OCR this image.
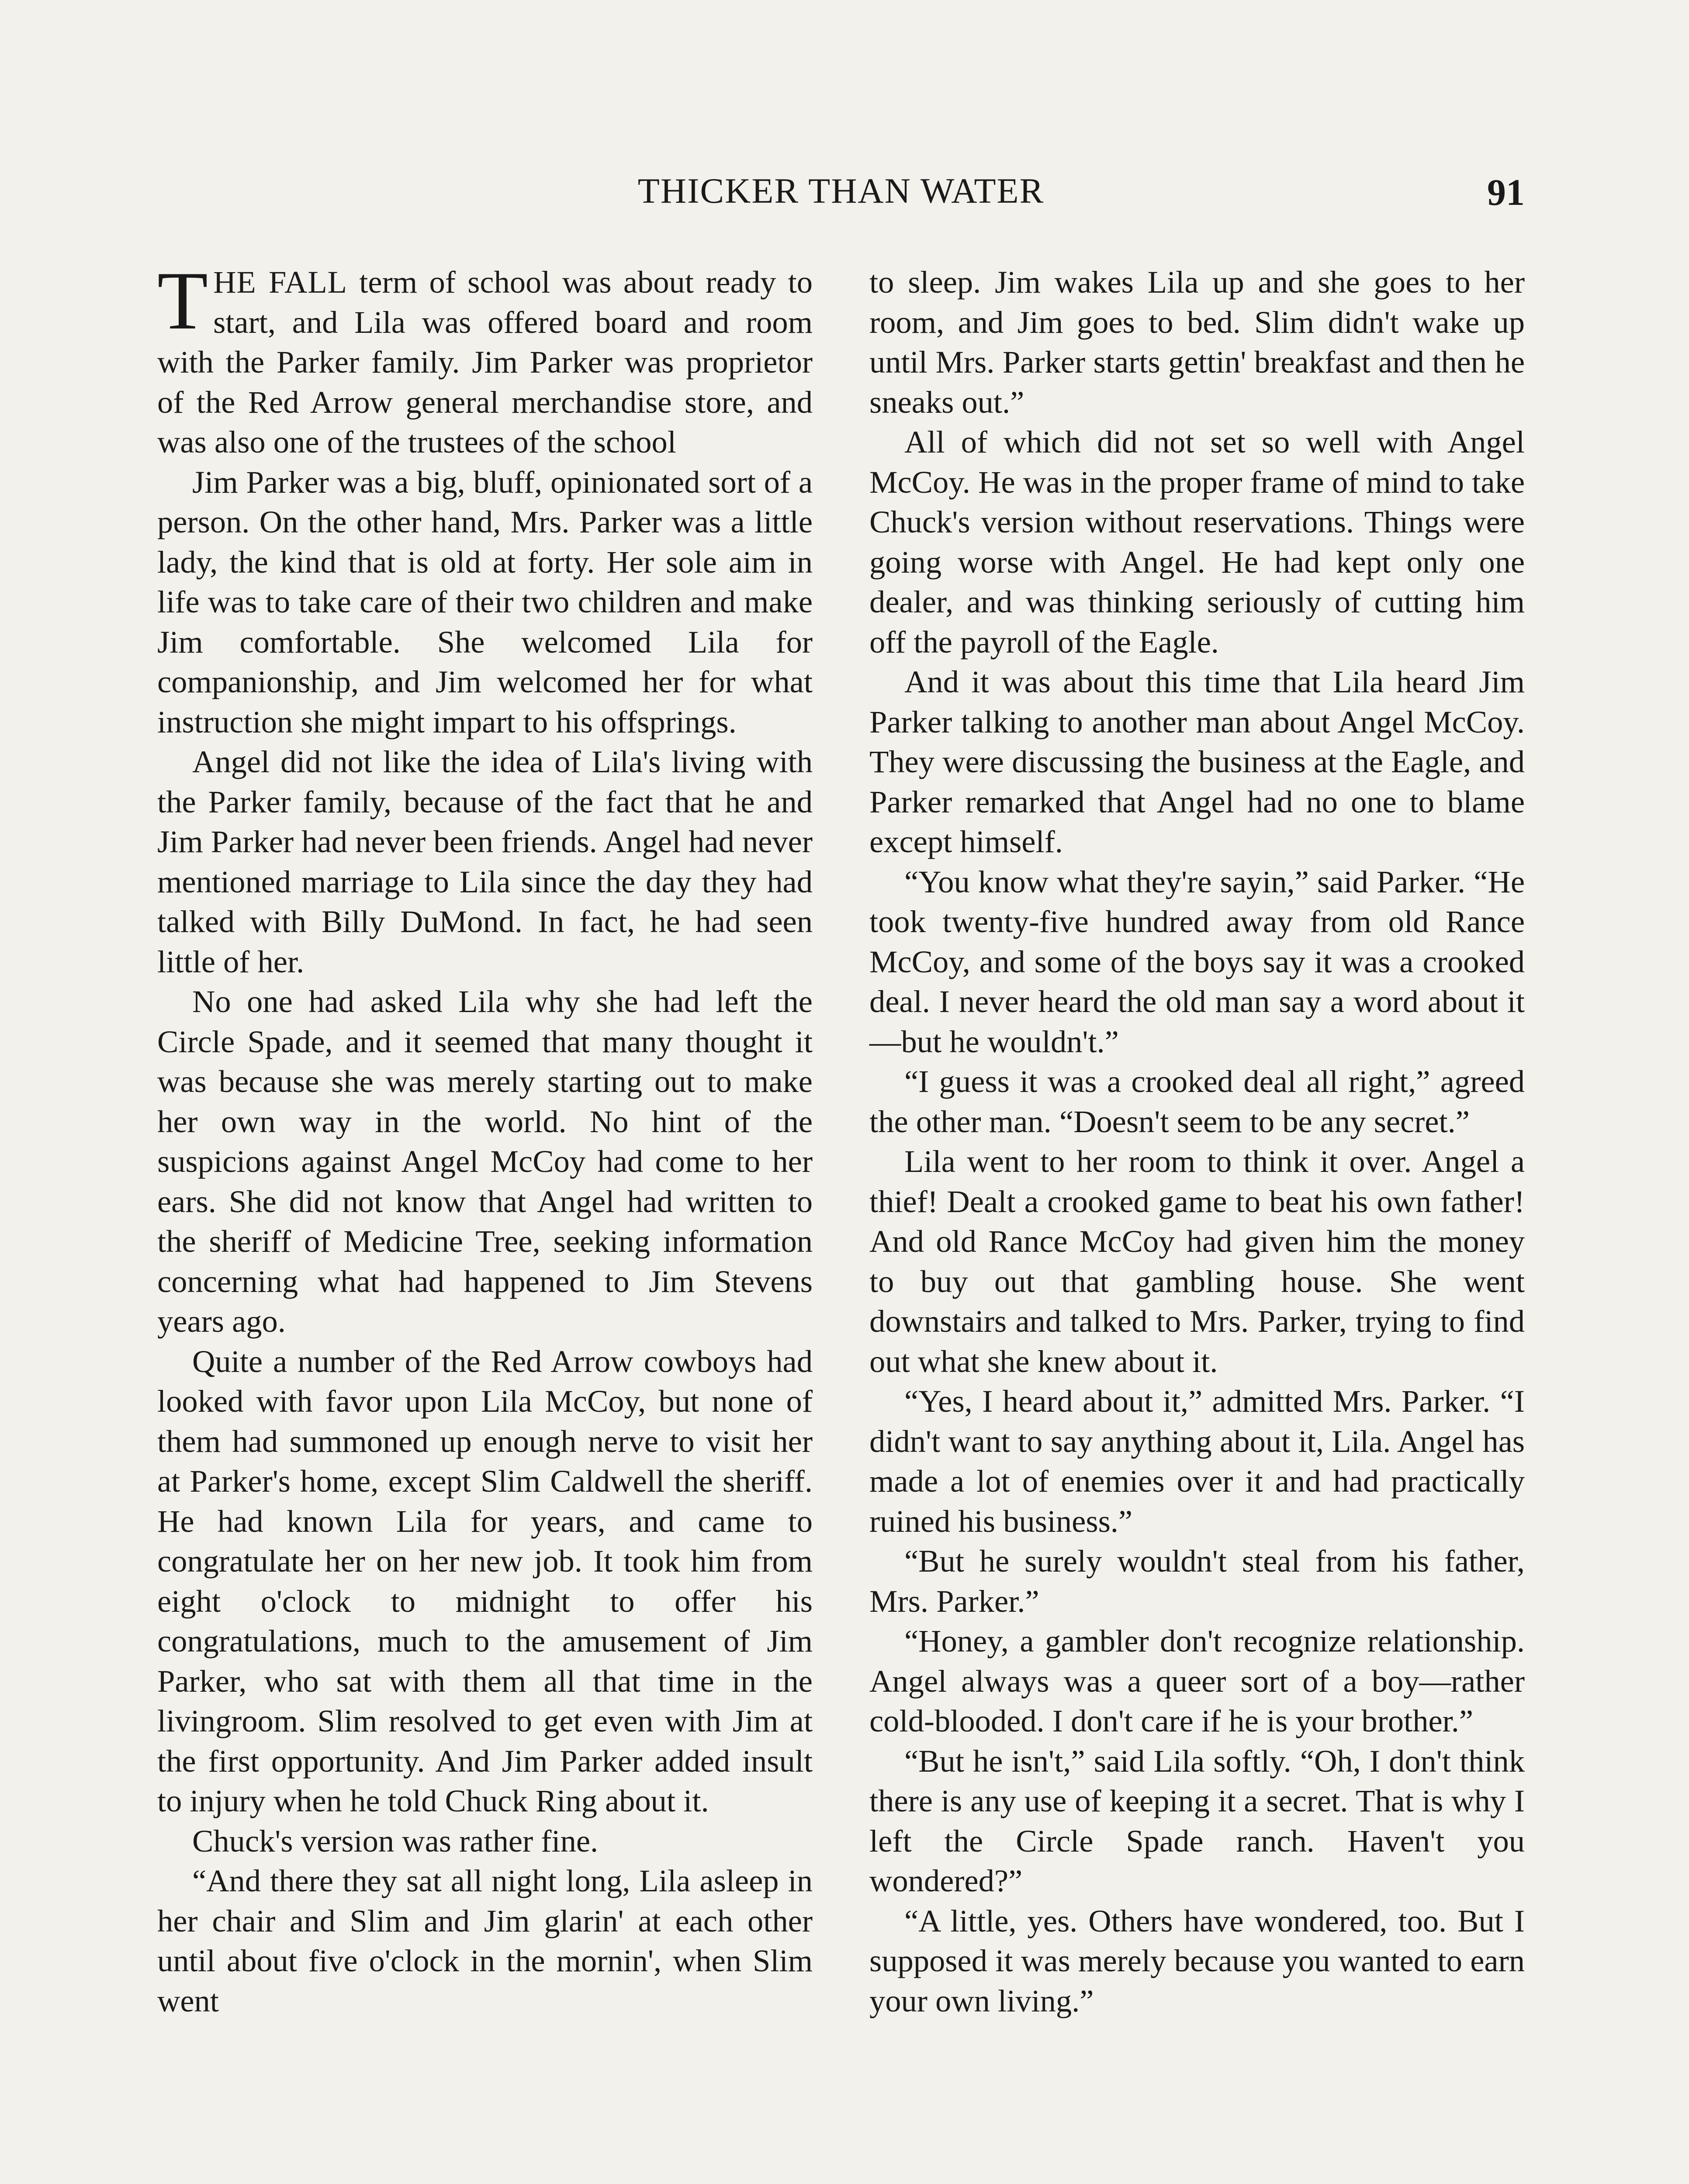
THICKER THAN WATER	91

THE FALL term of school was about ready to start, and Lila was offered board and room with the Parker family. Jim Parker was proprietor of the Red Arrow general merchandise store, and was also one of the trustees of the school

Jim Parker was a big, bluff, opinionated sort of a person. On the other hand, Mrs. Parker was a little lady, the kind that is old at forty. Her sole aim in life was to take care of their two children and make Jim comfortable. She welcomed Lila for companionship, and Jim welcomed her for what instruction she might impart to his offsprings.

Angel did not like the idea of Lila's living with the Parker family, because of the fact that he and Jim Parker had never been friends. Angel had never mentioned marriage to Lila since the day they had talked with Billy DuMond. In fact, he had seen little of her.

No one had asked Lila why she had left the Circle Spade, and it seemed that many thought it was because she was merely starting out to make her own way in the world. No hint of the suspicions against Angel McCoy had come to her ears. She did not know that Angel had written to the sheriff of Medicine Tree, seeking information concerning what had happened to Jim Stevens years ago.

Quite a number of the Red Arrow cowboys had looked with favor upon Lila McCoy, but none of them had summoned up enough nerve to visit her at Parker's home, except Slim Caldwell the sheriff. He had known Lila for years, and came to congratulate her on her new job. It took him from eight o'clock to midnight to offer his congratulations, much to the amusement of Jim Parker, who sat with them all that time in the livingroom. Slim resolved to get even with Jim at the first opportunity. And Jim Parker added insult to injury when he told Chuck Ring about it.

Chuck's version was rather fine.

“And there they sat all night long, Lila asleep in her chair and Slim and Jim glarin' at each other until about five o'clock in the mornin', when Slim went

to sleep. Jim wakes Lila up and she goes to her room, and Jim goes to bed. Slim didn't wake up until Mrs. Parker starts gettin' breakfast and then he sneaks out.”

All of which did not set so well with Angel McCoy. He was in the proper frame of mind to take Chuck's version without reservations. Things were going worse with Angel. He had kept only one dealer, and was thinking seriously of cutting him off the payroll of the Eagle.

And it was about this time that Lila heard Jim Parker talking to another man about Angel McCoy. They were discussing the business at the Eagle, and Parker remarked that Angel had no one to blame except himself.

“You know what they're sayin,” said Parker. “He took twenty-five hundred away from old Rance McCoy, and some of the boys say it was a crooked deal. I never heard the old man say a word about it—but he wouldn't.”

“I guess it was a crooked deal all right,” agreed the other man. “Doesn't seem to be any secret.”

Lila went to her room to think it over. Angel a thief! Dealt a crooked game to beat his own father! And old Rance McCoy had given him the money to buy out that gambling house. She went downstairs and talked to Mrs. Parker, trying to find out what she knew about it.

“Yes, I heard about it,” admitted Mrs. Parker. “I didn't want to say anything about it, Lila. Angel has made a lot of enemies over it and had practically ruined his business.”

“But he surely wouldn't steal from his father, Mrs. Parker.”

“Honey, a gambler don't recognize relationship. Angel always was a queer sort of a boy—rather cold-blooded. I don't care if he is your brother.”

“But he isn't,” said Lila softly. “Oh, I don't think there is any use of keeping it a secret. That is why I left the Circle Spade ranch. Haven't you wondered?”

“A little, yes. Others have wondered, too. But I supposed it was merely because you wanted to earn your own living.”
